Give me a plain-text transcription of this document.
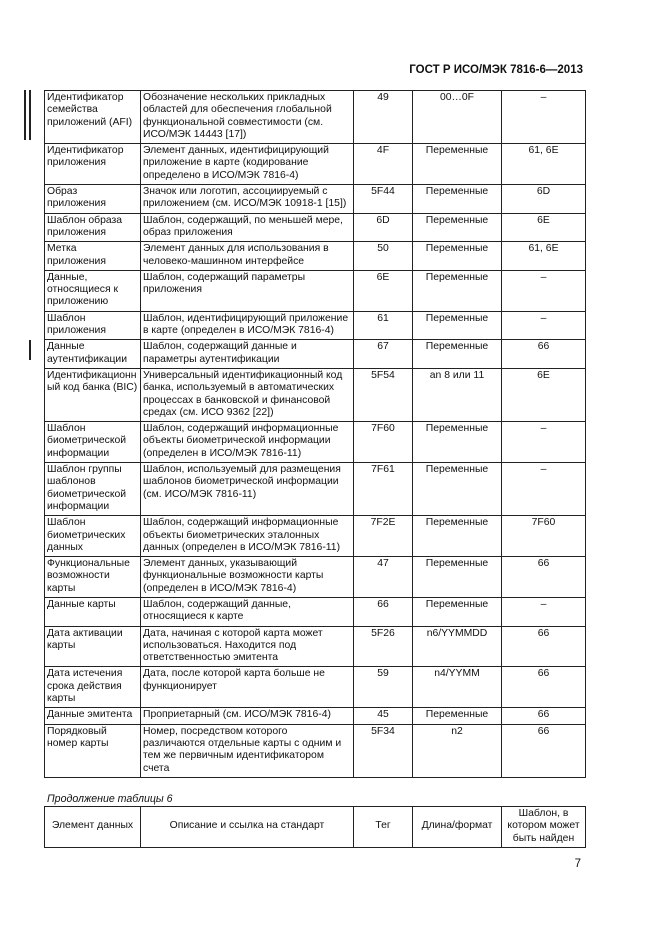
ГОСТ Р ИСО/МЭК 7816-6—2013
Идентификатор семейства приложений (AFI)	Обозначение нескольких прикладных областей для обеспечения глобальной функциональной совместимости (см. ИСО/МЭК 14443 [17])	49	00…0F	–
Идентификатор приложения	Элемент данных, идентифицирующий приложение в карте (кодирование определено в ИСО/МЭК 7816-4)	4F	Переменные	61, 6E
Образ приложения	Значок или логотип, ассоциируемый с приложением (см. ИСО/МЭК 10918-1 [15])	5F44	Переменные	6D
Шаблон образа приложения	Шаблон, содержащий, по меньшей мере, образ приложения	6D	Переменные	6E
Метка приложения	Элемент данных для использования в человеко-машинном интерфейсе	50	Переменные	61, 6E
Данные, относящиеся к приложению	Шаблон, содержащий параметры приложения	6E	Переменные	–
Шаблон приложения	Шаблон, идентифицирующий приложение в карте (определен в ИСО/МЭК 7816-4)	61	Переменные	–
Данные аутентификации	Шаблон, содержащий данные и параметры аутентификации	67	Переменные	66
Идентификационный код банка (BIC)	Универсальный идентификационный код банка, используемый в автоматических процессах в банковской и финансовой средах (см. ИСО 9362 [22])	5F54	an 8 или 11	6E
Шаблон биометрической информации	Шаблон, содержащий информационные объекты биометрической информации (определен в ИСО/МЭК 7816-11)	7F60	Переменные	–
Шаблон группы шаблонов биометрической информации	Шаблон, используемый для размещения шаблонов биометрической информации (см. ИСО/МЭК 7816-11)	7F61	Переменные	–
Шаблон биометрических данных	Шаблон, содержащий информационные объекты биометрических эталонных данных (определен в ИСО/МЭК 7816-11)	7F2E	Переменные	7F60
Функциональные возможности карты	Элемент данных, указывающий функциональные возможности карты (определен в ИСО/МЭК 7816-4)	47	Переменные	66
Данные карты	Шаблон, содержащий данные, относящиеся к карте	66	Переменные	–
Дата активации карты	Дата, начиная с которой карта может использоваться. Находится под ответственностью эмитента	5F26	n6/YYMMDD	66
Дата истечения срока действия карты	Дата, после которой карта больше не функционирует	59	n4/YYMM	66
Данные эмитента	Проприетарный (см. ИСО/МЭК 7816-4)	45	Переменные	66
Порядковый номер карты	Номер, посредством которого различаются отдельные карты с одним и тем же первичным идентификатором счета	5F34	n2	66
Продолжение таблицы 6
Элемент данных	Описание и ссылка на стандарт	Тег	Длина/формат	Шаблон, в котором может быть найден
7
